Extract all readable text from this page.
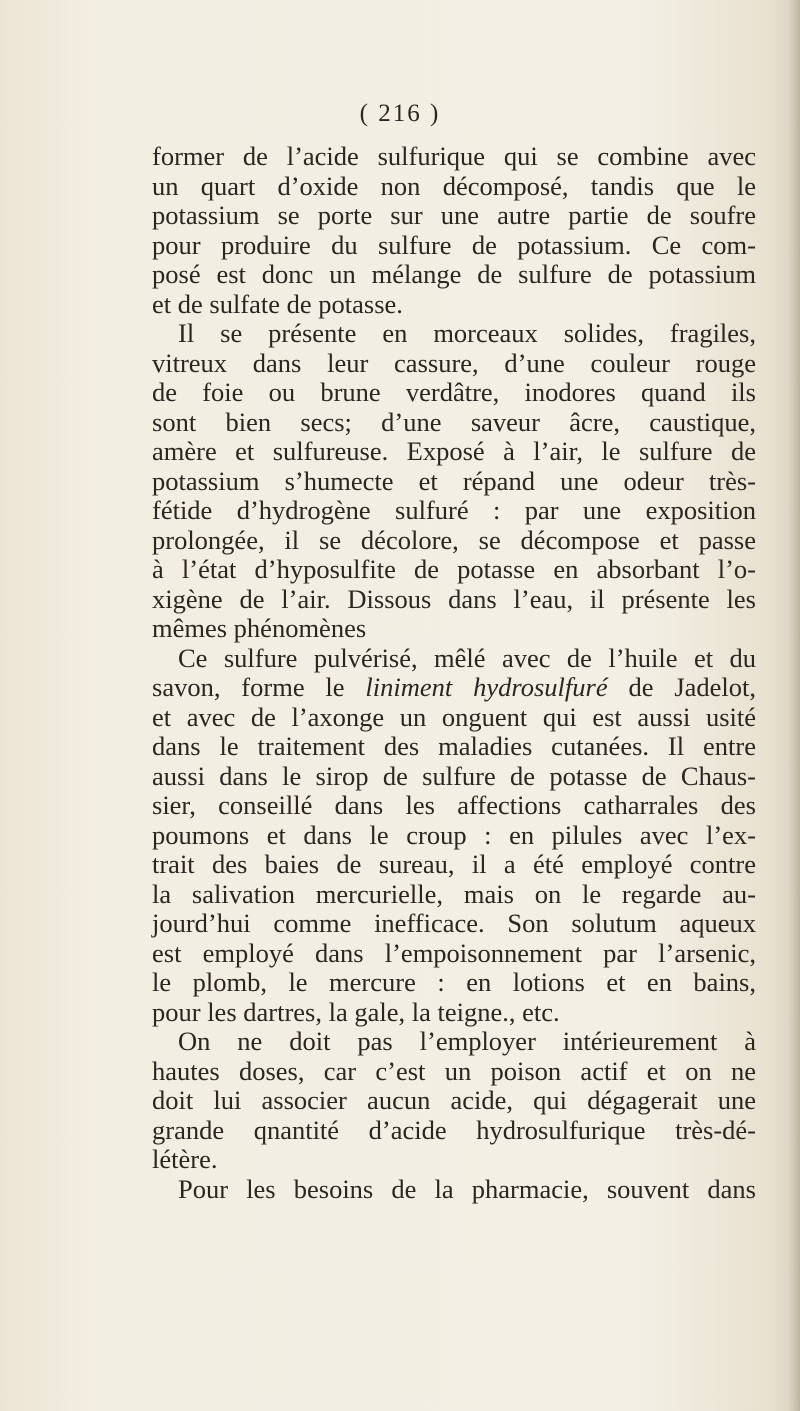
( 216 )
former de l’acide sulfurique qui se combine avec
un quart d’oxide non décomposé, tandis que le
potassium se porte sur une autre partie de soufre
pour produire du sulfure de potassium. Ce com-
posé est donc un mélange de sulfure de potassium
et de sulfate de potasse.
Il se présente en morceaux solides, fragiles,
vitreux dans leur cassure, d’une couleur rouge
de foie ou brune verdâtre, inodores quand ils
sont bien secs; d’une saveur âcre, caustique,
amère et sulfureuse. Exposé à l’air, le sulfure de
potassium s’humecte et répand une odeur très-
fétide d’hydrogène sulfuré : par une exposition
prolongée, il se décolore, se décompose et passe
à l’état d’hyposulfite de potasse en absorbant l’o-
xigène de l’air. Dissous dans l’eau, il présente les
mêmes phénomènes
Ce sulfure pulvérisé, mêlé avec de l’huile et du
savon, forme le liniment hydrosulfuré de Jadelot,
et avec de l’axonge un onguent qui est aussi usité
dans le traitement des maladies cutanées. Il entre
aussi dans le sirop de sulfure de potasse de Chaus-
sier, conseillé dans les affections catharrales des
poumons et dans le croup : en pilules avec l’ex-
trait des baies de sureau, il a été employé contre
la salivation mercurielle, mais on le regarde au-
jourd’hui comme inefficace. Son solutum aqueux
est employé dans l’empoisonnement par l’arsenic,
le plomb, le mercure : en lotions et en bains,
pour les dartres, la gale, la teigne., etc.
On ne doit pas l’employer intérieurement à
hautes doses, car c’est un poison actif et on ne
doit lui associer aucun acide, qui dégagerait une
grande qnantité d’acide hydrosulfurique très-dé-
létère.
Pour les besoins de la pharmacie, souvent dans
